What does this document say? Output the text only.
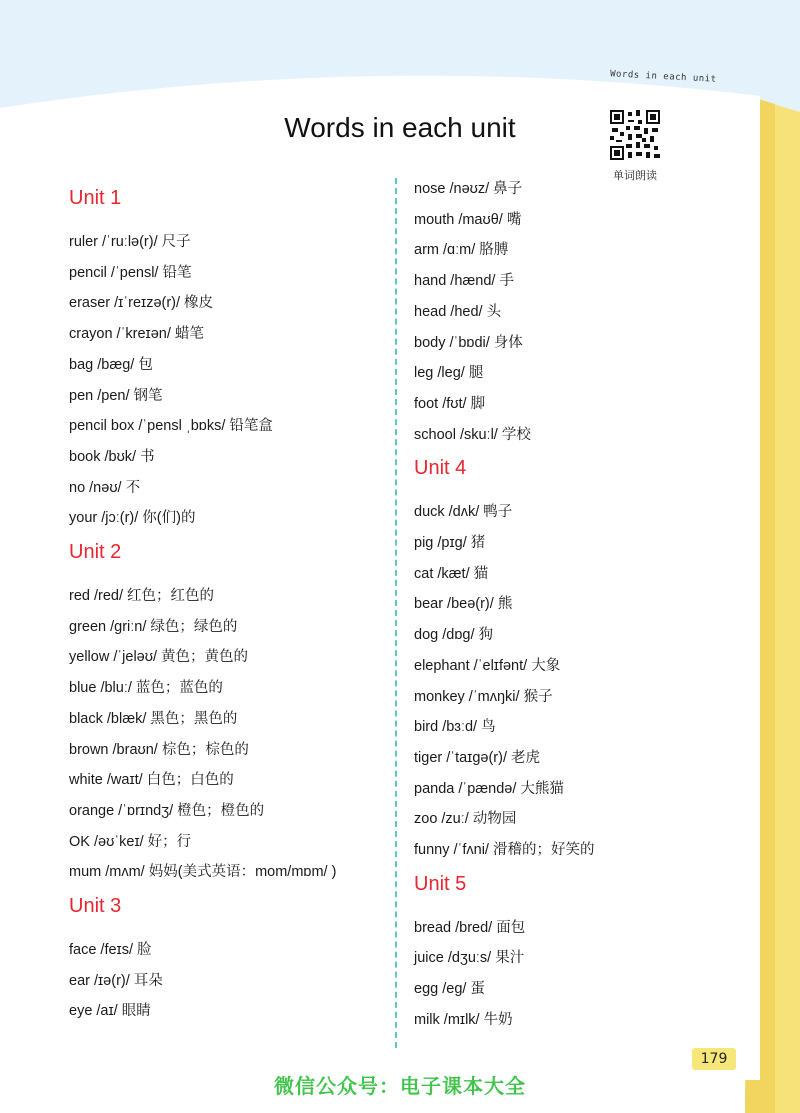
Words in each unit
Words in each unit
单词朗读
Unit 1
ruler /ˈruːlə(r)/ 尺子
pencil /ˈpensl/ 铅笔
eraser /ɪˈreɪzə(r)/ 橡皮
crayon /ˈkreɪən/ 蜡笔
bag /bæɡ/ 包
pen /pen/ 钢笔
pencil box /ˈpensl ˌbɒks/ 铅笔盒
book /bʊk/ 书
no /nəʊ/ 不
your /jɔː(r)/ 你(们)的
Unit 2
red /red/ 红色；红色的
green /ɡriːn/ 绿色；绿色的
yellow /ˈjeləʊ/ 黄色；黄色的
blue /bluː/ 蓝色；蓝色的
black /blæk/ 黑色；黑色的
brown /braʊn/ 棕色；棕色的
white /waɪt/ 白色；白色的
orange /ˈɒrɪndʒ/ 橙色；橙色的
OK /əʊˈkeɪ/ 好；行
mum /mʌm/ 妈妈(美式英语：mom/mɒm/ )
Unit 3
face /feɪs/ 脸
ear /ɪə(r)/ 耳朵
eye /aɪ/ 眼睛
nose /nəʊz/ 鼻子
mouth /maʊθ/ 嘴
arm /ɑːm/ 胳膊
hand /hænd/ 手
head /hed/ 头
body /ˈbɒdi/ 身体
leg /leɡ/ 腿
foot /fʊt/ 脚
school /skuːl/ 学校
Unit 4
duck /dʌk/ 鸭子
pig /pɪɡ/ 猪
cat /kæt/ 猫
bear /beə(r)/ 熊
dog /dɒɡ/ 狗
elephant /ˈelɪfənt/ 大象
monkey /ˈmʌŋki/ 猴子
bird /bɜːd/ 鸟
tiger /ˈtaɪɡə(r)/ 老虎
panda /ˈpændə/ 大熊猫
zoo /zuː/ 动物园
funny /ˈfʌni/ 滑稽的；好笑的
Unit 5
bread /bred/ 面包
juice /dʒuːs/ 果汁
egg /eɡ/ 蛋
milk /mɪlk/ 牛奶
179
微信公众号：电子课本大全
